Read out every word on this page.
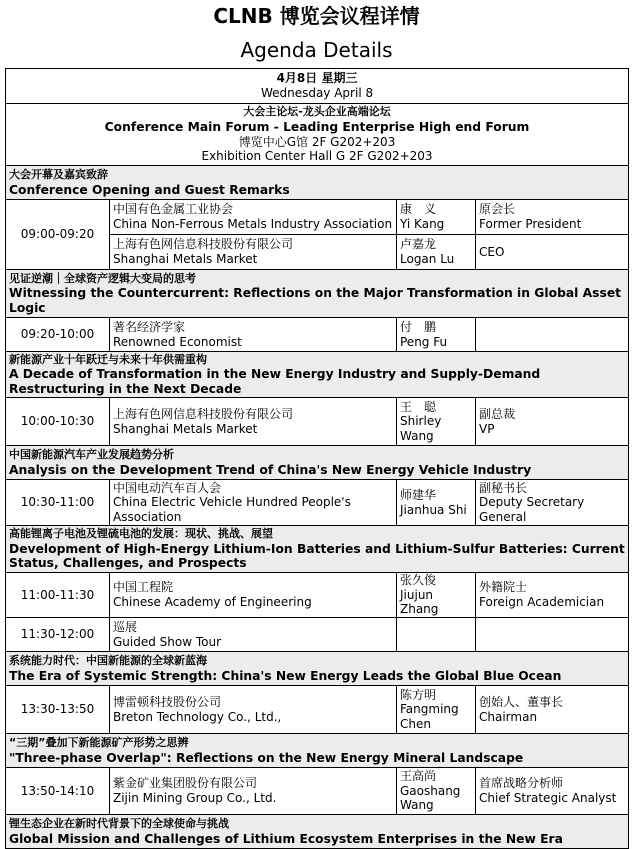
CLNB 博览会议程详情
Agenda Details
4月8日 星期三
Wednesday April 8			

大会主论坛-龙头企业高端论坛
Conference Main Forum - Leading Enterprise High end Forum
博览中心G馆 2F G202+203
Exhibition Center Hall G 2F G202+203			

大会开幕及嘉宾致辞
Conference Opening and Guest Remarks			

09:00-09:20	中国有色金属工业协会
China Non-Ferrous Metals Industry Association	康　义
Yi Kang	原会长
Former President

	上海有色网信息科技股份有限公司
Shanghai Metals Market	卢嘉龙
Logan Lu	CEO

见证逆潮｜全球资产逻辑大变局的思考
Witnessing the Countercurrent: Reflections on the Major Transformation in Global Asset Logic			

09:20-10:00	著名经济学家
Renowned Economist	付　鹏
Peng Fu	

新能源产业十年跃迁与未来十年供需重构
A Decade of Transformation in the New Energy Industry and Supply-Demand Restructuring in the Next Decade			

10:00-10:30	上海有色网信息科技股份有限公司
Shanghai Metals Market	王　聪
Shirley Wang	副总裁
VP

中国新能源汽车产业发展趋势分析
Analysis on the Development Trend of China's New Energy Vehicle Industry			

10:30-11:00	中国电动汽车百人会
China Electric Vehicle Hundred People's Association	师建华
Jianhua Shi	副秘书长
Deputy Secretary General

高能锂离子电池及锂硫电池的发展：现状、挑战、展望
Development of High-Energy Lithium-Ion Batteries and Lithium-Sulfur Batteries: Current Status, Challenges, and Prospects			

11:00-11:30	中国工程院
Chinese Academy of Engineering	张久俊
Jiujun Zhang	外籍院士
Foreign Academician

11:30-12:00	巡展
Guided Show Tour		

系统能力时代：中国新能源的全球新蓝海
The Era of Systemic Strength: China's New Energy Leads the Global Blue Ocean			

13:30-13:50	博雷顿科技股份公司
Breton Technology Co., Ltd.,	陈方明
Fangming Chen	创始人、董事长
Chairman

“三期”叠加下新能源矿产形势之思辨
"Three-phase Overlap": Reflections on the New Energy Mineral Landscape			

13:50-14:10	紫金矿业集团股份有限公司
Zijin Mining Group Co., Ltd.	王高尚
Gaoshang Wang	首席战略分析师
Chief Strategic Analyst

锂生态企业在新时代背景下的全球使命与挑战
Global Mission and Challenges of Lithium Ecosystem Enterprises in the New Era			
